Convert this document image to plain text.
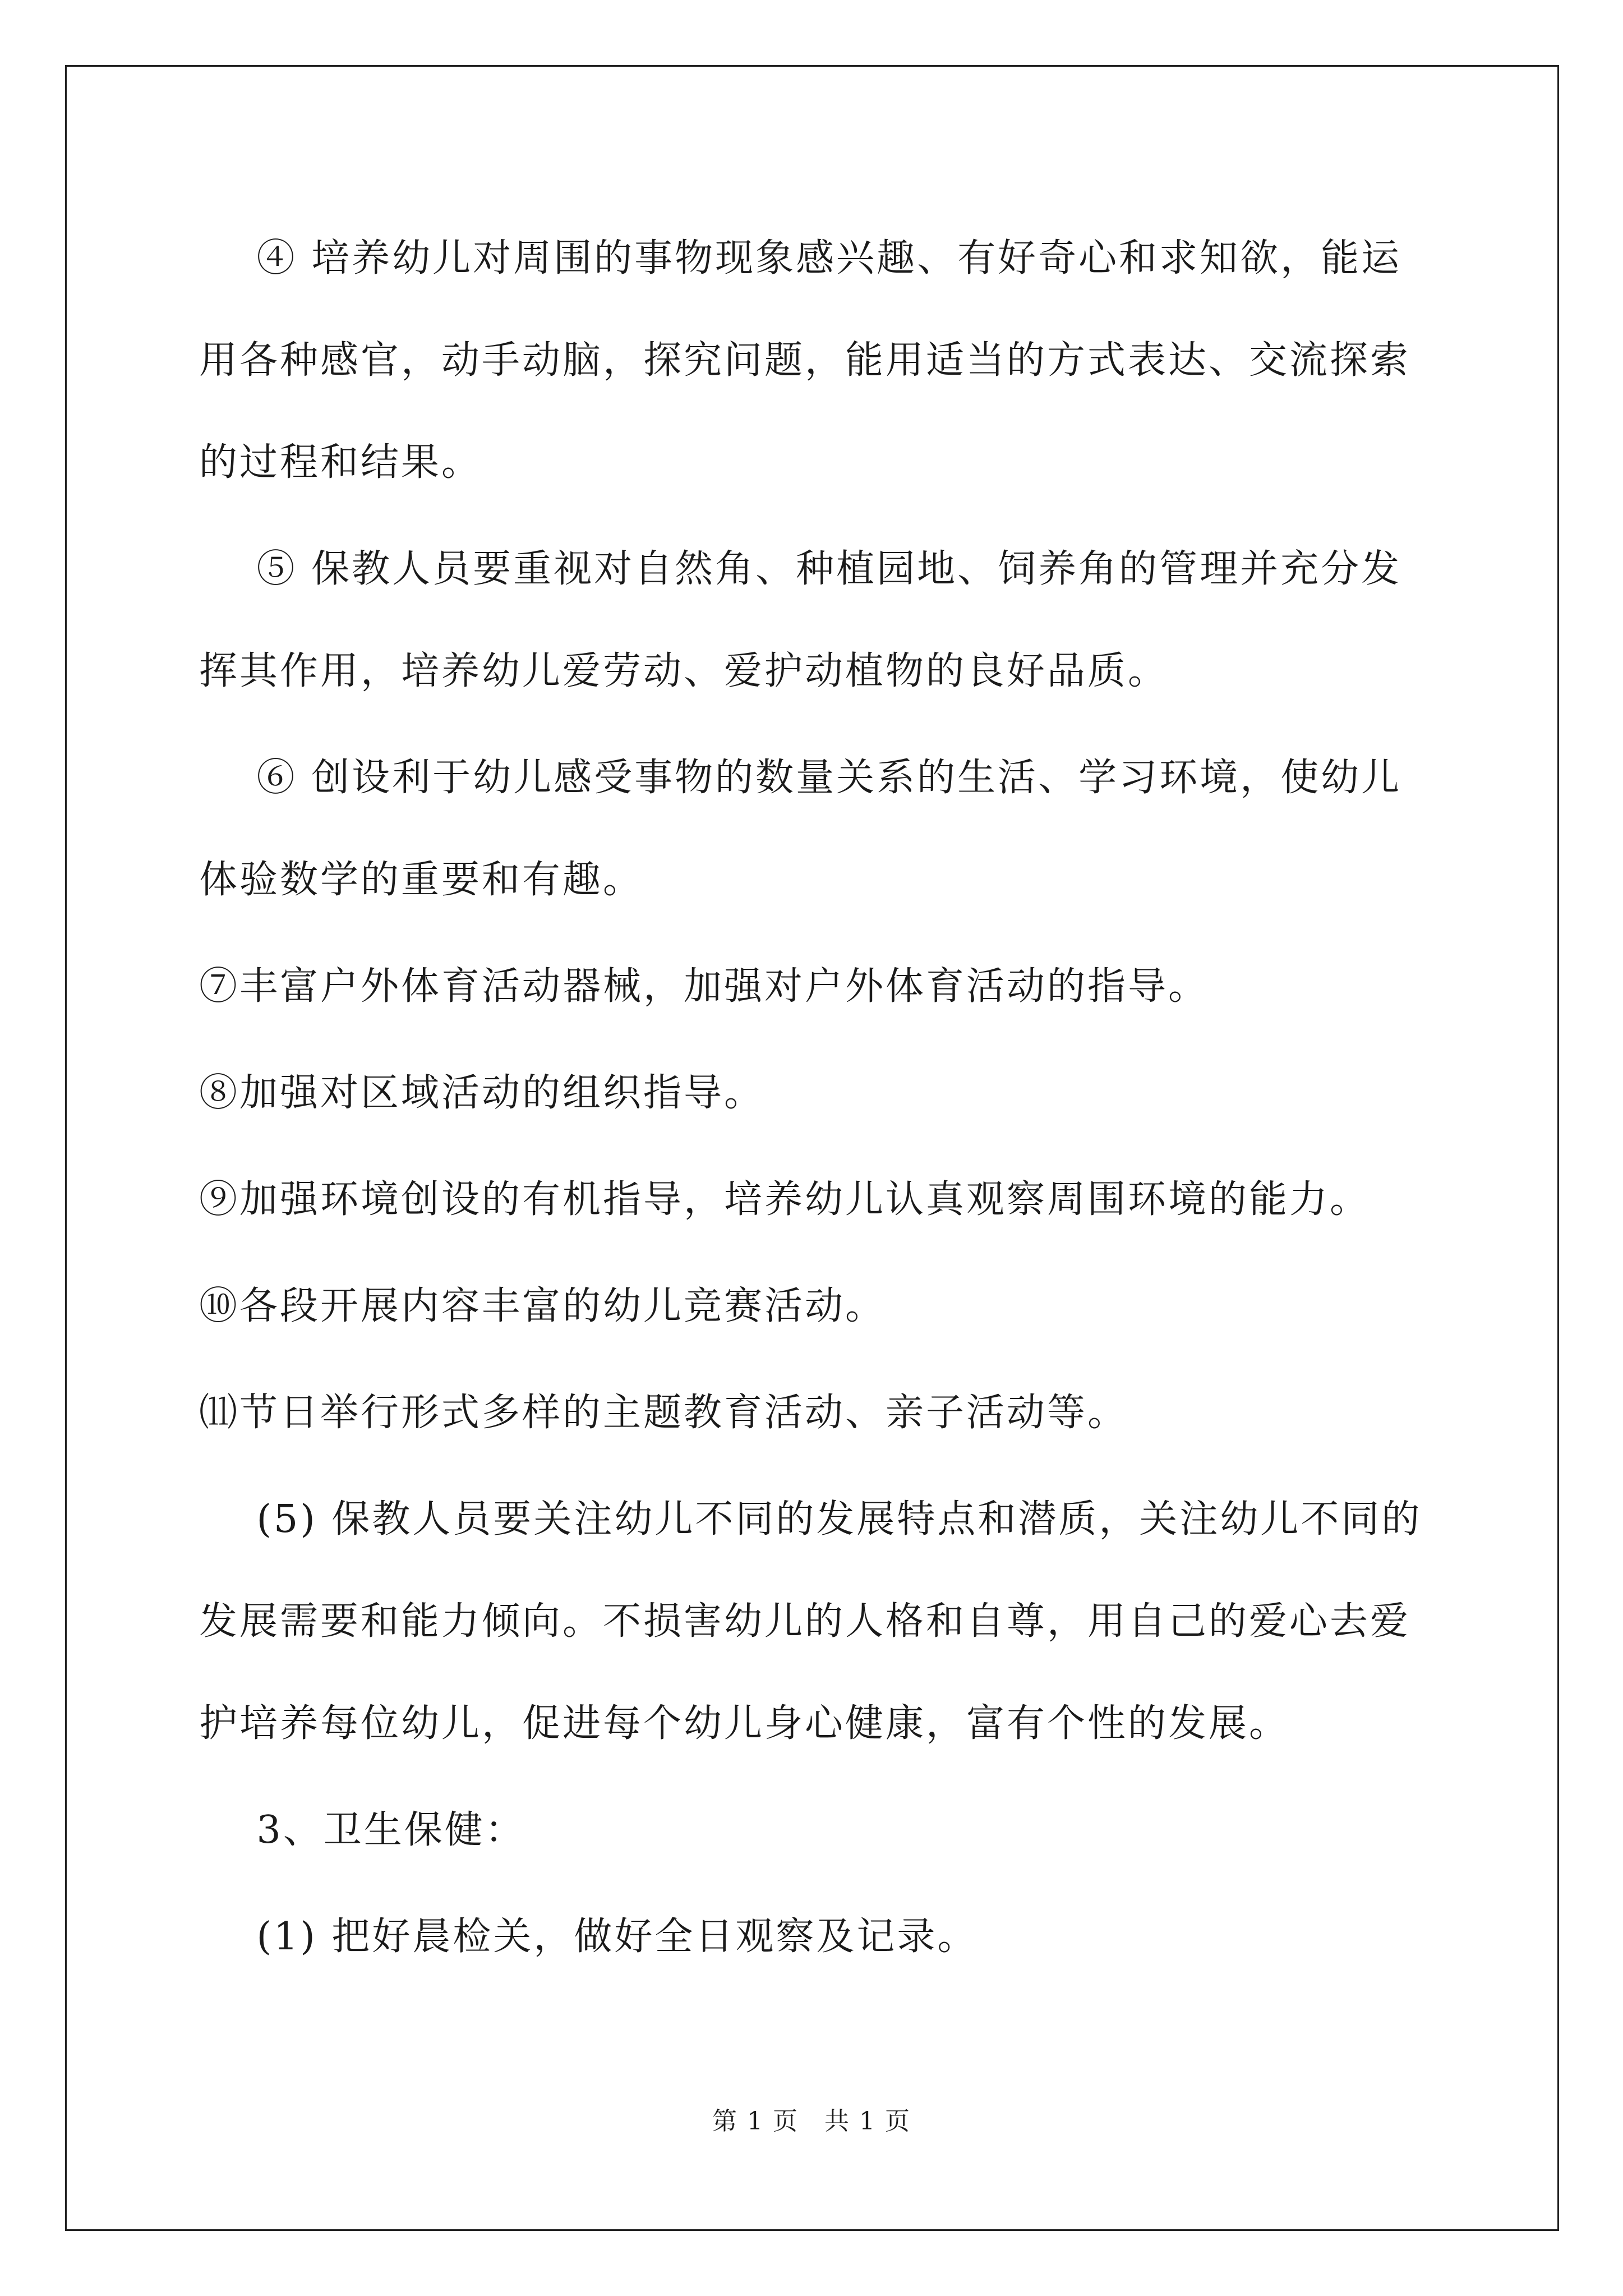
④ 培养幼儿对周围的事物现象感兴趣、有好奇心和求知欲，能运用各种感官，动手动脑，探究问题，能用适当的方式表达、交流探索的过程和结果。

⑤ 保教人员要重视对自然角、种植园地、饲养角的管理并充分发挥其作用，培养幼儿爱劳动、爱护动植物的良好品质。

⑥ 创设利于幼儿感受事物的数量关系的生活、学习环境，使幼儿体验数学的重要和有趣。

⑦丰富户外体育活动器械，加强对户外体育活动的指导。

⑧加强对区域活动的组织指导。

⑨加强环境创设的有机指导，培养幼儿认真观察周围环境的能力。

⑩各段开展内容丰富的幼儿竞赛活动。

⑾节日举行形式多样的主题教育活动、亲子活动等。

(5) 保教人员要关注幼儿不同的发展特点和潜质，关注幼儿不同的发展需要和能力倾向。不损害幼儿的人格和自尊，用自己的爱心去爱护培养每位幼儿，促进每个幼儿身心健康，富有个性的发展。

3、卫生保健：

(1) 把好晨检关，做好全日观察及记录。

第 1 页　共 1 页
